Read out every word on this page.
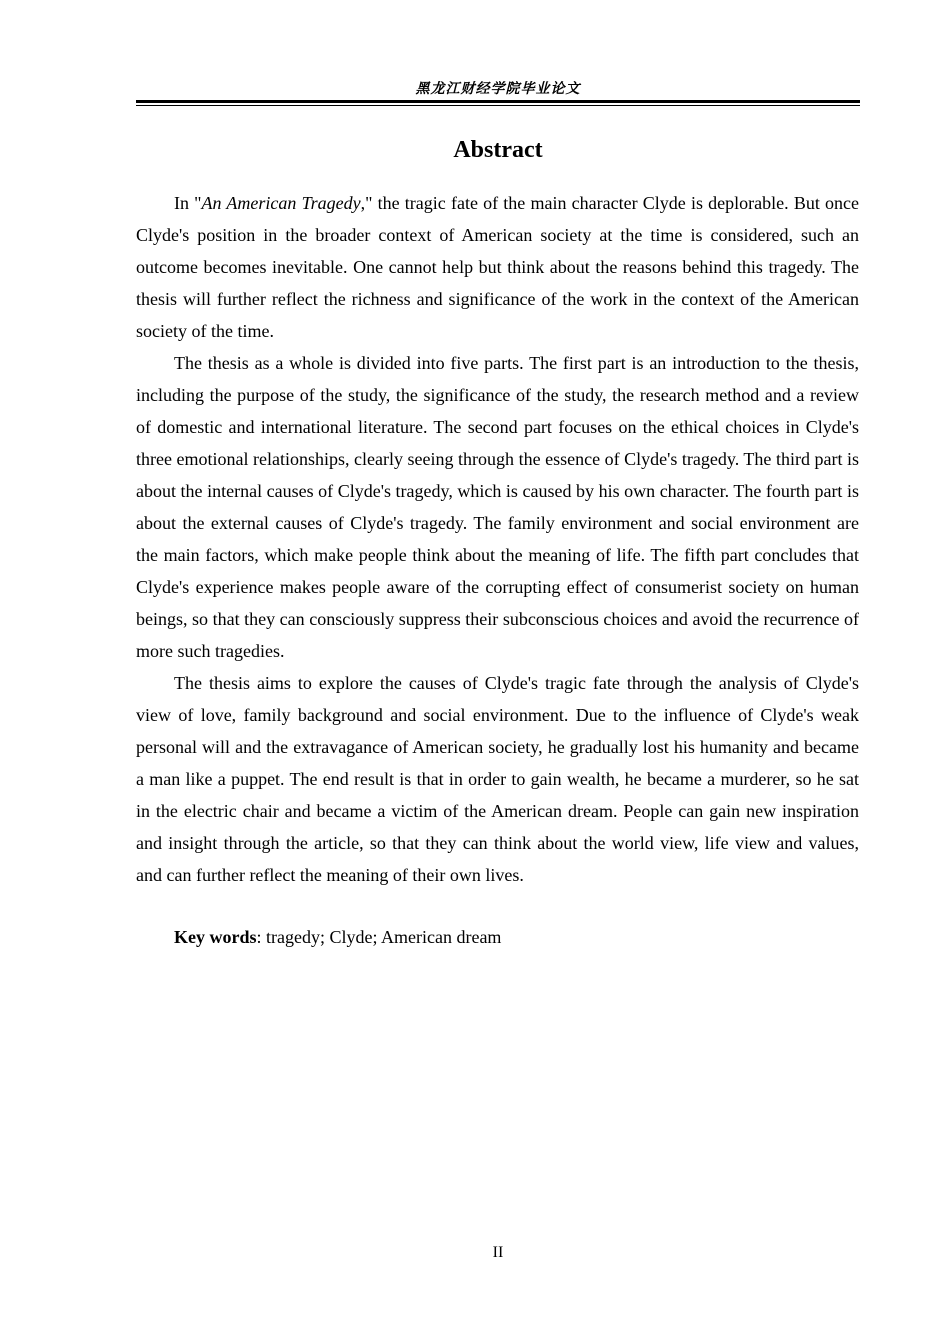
黑龙江财经学院毕业论文
Abstract

In "An American Tragedy," the tragic fate of the main character Clyde is deplorable. But once Clyde's position in the broader context of American society at the time is considered, such an outcome becomes inevitable. One cannot help but think about the reasons behind this tragedy. The thesis will further reflect the richness and significance of the work in the context of the American society of the time.

The thesis as a whole is divided into five parts. The first part is an introduction to the thesis, including the purpose of the study, the significance of the study, the research method and a review of domestic and international literature. The second part focuses on the ethical choices in Clyde's three emotional relationships, clearly seeing through the essence of Clyde's tragedy. The third part is about the internal causes of Clyde's tragedy, which is caused by his own character. The fourth part is about the external causes of Clyde's tragedy. The family environment and social environment are the main factors, which make people think about the meaning of life. The fifth part concludes that Clyde's experience makes people aware of the corrupting effect of consumerist society on human beings, so that they can consciously suppress their subconscious choices and avoid the recurrence of more such tragedies.

The thesis aims to explore the causes of Clyde's tragic fate through the analysis of Clyde's view of love, family background and social environment. Due to the influence of Clyde's weak personal will and the extravagance of American society, he gradually lost his humanity and became a man like a puppet. The end result is that in order to gain wealth, he became a murderer, so he sat in the electric chair and became a victim of the American dream. People can gain new inspiration and insight through the article, so that they can think about the world view, life view and values, and can further reflect the meaning of their own lives.

Key words: tragedy; Clyde; American dream
II
